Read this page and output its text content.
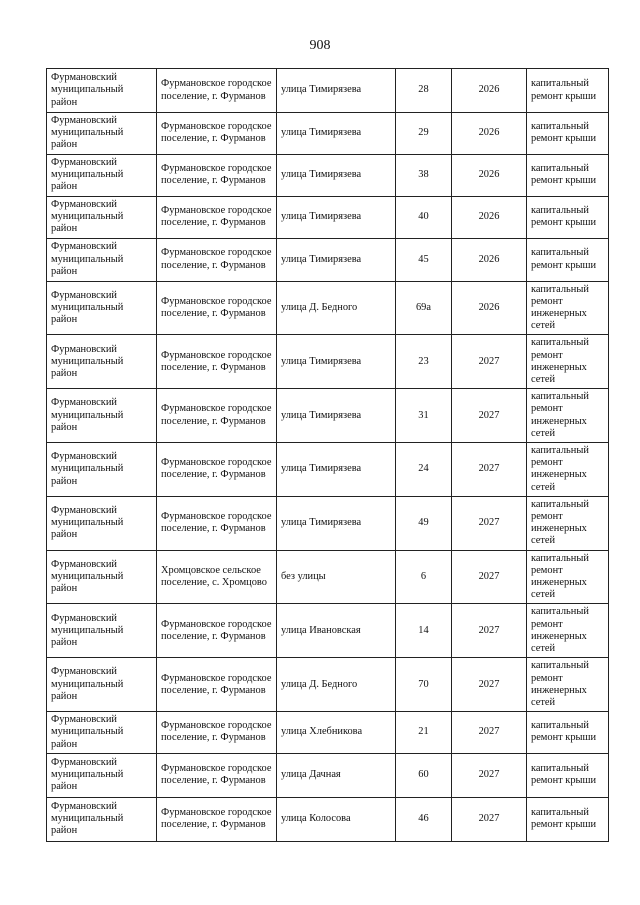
908
Фурмановский муниципальный район	Фурмановское городское поселение, г. Фурманов	улица Тимирязева	28	2026	капитальный ремонт крыши
Фурмановский муниципальный район	Фурмановское городское поселение, г. Фурманов	улица Тимирязева	29	2026	капитальный ремонт крыши
Фурмановский муниципальный район	Фурмановское городское поселение, г. Фурманов	улица Тимирязева	38	2026	капитальный ремонт крыши
Фурмановский муниципальный район	Фурмановское городское поселение, г. Фурманов	улица Тимирязева	40	2026	капитальный ремонт крыши
Фурмановский муниципальный район	Фурмановское городское поселение, г. Фурманов	улица Тимирязева	45	2026	капитальный ремонт крыши
Фурмановский муниципальный район	Фурмановское городское поселение, г. Фурманов	улица Д. Бедного	69а	2026	капитальный ремонт инженерных сетей
Фурмановский муниципальный район	Фурмановское городское поселение, г. Фурманов	улица Тимирязева	23	2027	капитальный ремонт инженерных сетей
Фурмановский муниципальный район	Фурмановское городское поселение, г. Фурманов	улица Тимирязева	31	2027	капитальный ремонт инженерных сетей
Фурмановский муниципальный район	Фурмановское городское поселение, г. Фурманов	улица Тимирязева	24	2027	капитальный ремонт инженерных сетей
Фурмановский муниципальный район	Фурмановское городское поселение, г. Фурманов	улица Тимирязева	49	2027	капитальный ремонт инженерных сетей
Фурмановский муниципальный район	Хромцовское сельское поселение, с. Хромцово	без улицы	6	2027	капитальный ремонт инженерных сетей
Фурмановский муниципальный район	Фурмановское городское поселение, г. Фурманов	улица Ивановская	14	2027	капитальный ремонт инженерных сетей
Фурмановский муниципальный район	Фурмановское городское поселение, г. Фурманов	улица Д. Бедного	70	2027	капитальный ремонт инженерных сетей
Фурмановский муниципальный район	Фурмановское городское поселение, г. Фурманов	улица Хлебникова	21	2027	капитальный ремонт крыши
Фурмановский муниципальный район	Фурмановское городское поселение, г. Фурманов	улица Дачная	60	2027	капитальный ремонт крыши
Фурмановский муниципальный район	Фурмановское городское поселение, г. Фурманов	улица Колосова	46	2027	капитальный ремонт крыши
